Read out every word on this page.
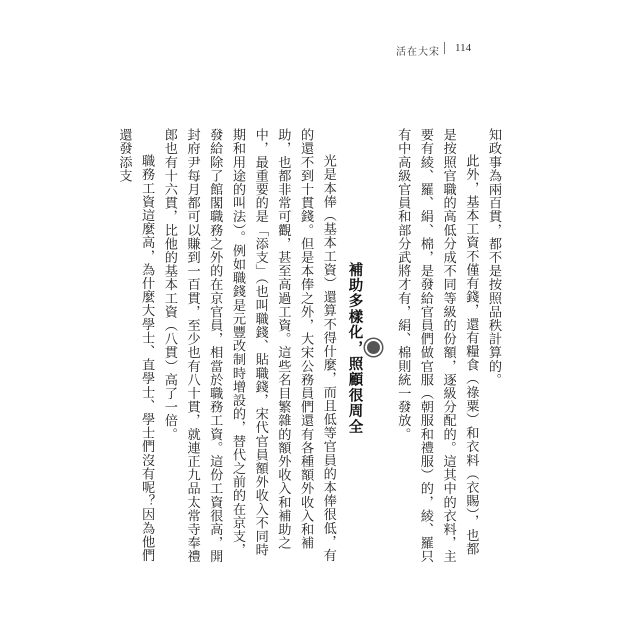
活在大宋 114

知政事為兩百貫，都不是按照品秩計算的。

此外，基本工資不僅有錢，還有糧食（祿粟）和衣料（衣賜），也都是按照官職的高低分成不同等級的份額，逐級分配的。這其中的衣料，主要有綾、羅、絹、棉，是發給官員們做官服（朝服和禮服）的，綾、羅只有中高級官員和部分武將才有，絹、棉則統一發放。

補助多樣化，照顧很周全

光是本俸（基本工資）還算不得什麼，而且低等官員的本俸很低，有的還不到十貫錢。但是本俸之外，大宋公務員們還有各種額外收入和補助，也都非常可觀，甚至高過工資。這些名目繁雜的額外收入和補助之中，最重要的是「添支」（也叫職錢、貼職錢，宋代官員額外收入不同時期和用途的叫法）。例如職錢是元豐改制時增設的，替代之前的在京支，發給除了館閣職務之外的在京官員，相當於職務工資。這份工資很高，開封府尹每月都可以賺到一百貫，至少也有八十貫，就連正九品太常寺奉禮郎也有十六貫，比他的基本工資（八貫）高了一倍。

職務工資這麼高，為什麼大學士、直學士、學士們沒有呢？因為他們還發添支
